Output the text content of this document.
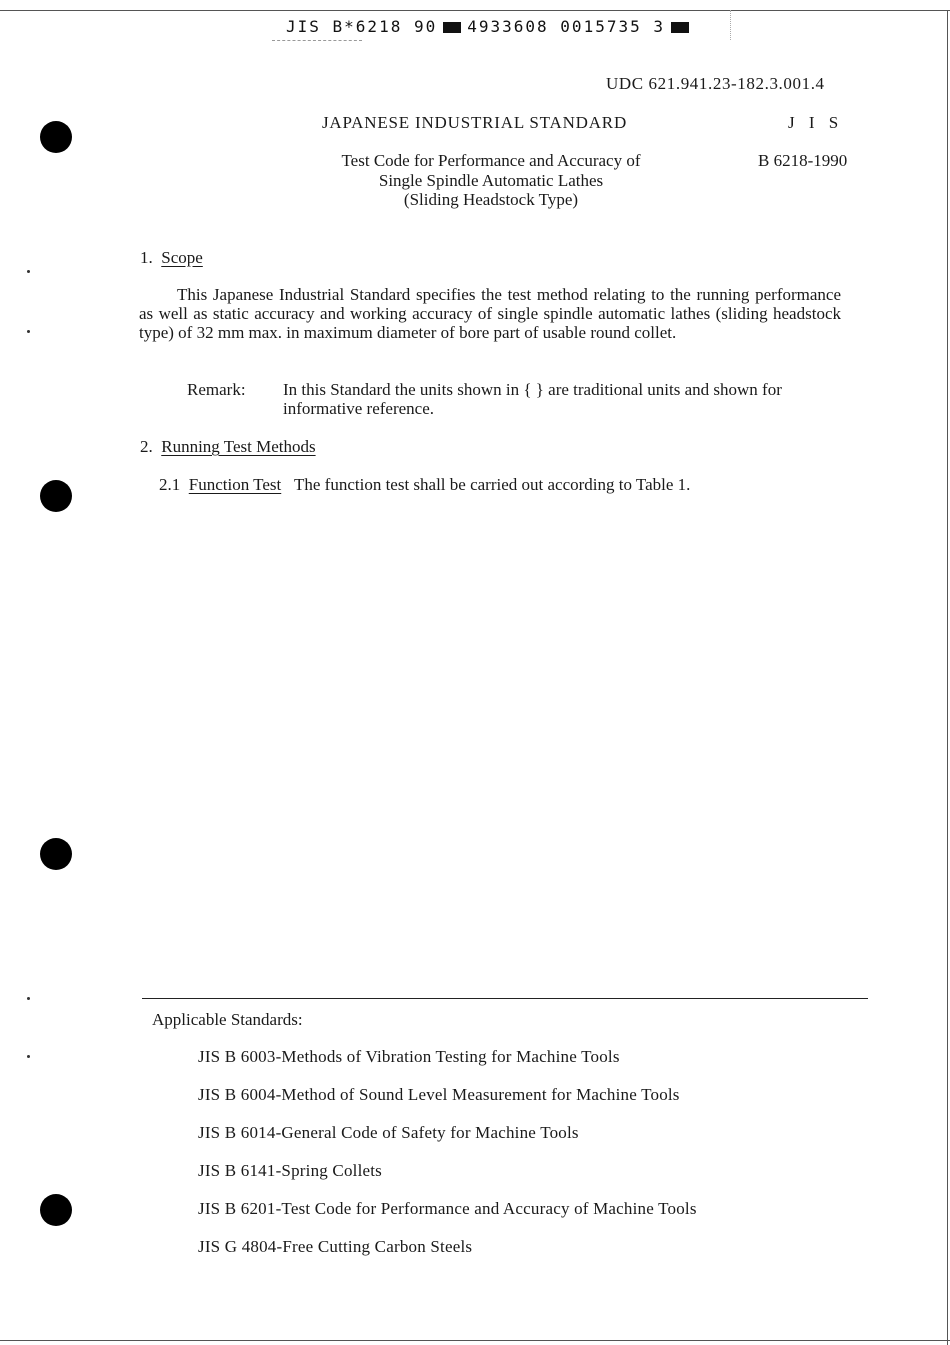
JIS B*6218 90 4933608 0015735 3
UDC 621.941.23-182.3.001.4
JAPANESE INDUSTRIAL STANDARD	J I S
Test Code for Performance and Accuracy of
Single Spindle Automatic Lathes
(Sliding Headstock Type)
B 6218-1990
1. Scope

This Japanese Industrial Standard specifies the test method relating to the running performance as well as static accuracy and working accuracy of single spindle automatic lathes (sliding headstock type) of 32 mm max. in maximum diameter of bore part of usable round collet.

Remark: In this Standard the units shown in { } are traditional units and shown for informative reference.
2. Running Test Methods
2.1 Function Test The function test shall be carried out according to Table 1.
Applicable Standards:
JIS B 6003-Methods of Vibration Testing for Machine Tools
JIS B 6004-Method of Sound Level Measurement for Machine Tools
JIS B 6014-General Code of Safety for Machine Tools
JIS B 6141-Spring Collets
JIS B 6201-Test Code for Performance and Accuracy of Machine Tools
JIS G 4804-Free Cutting Carbon Steels
